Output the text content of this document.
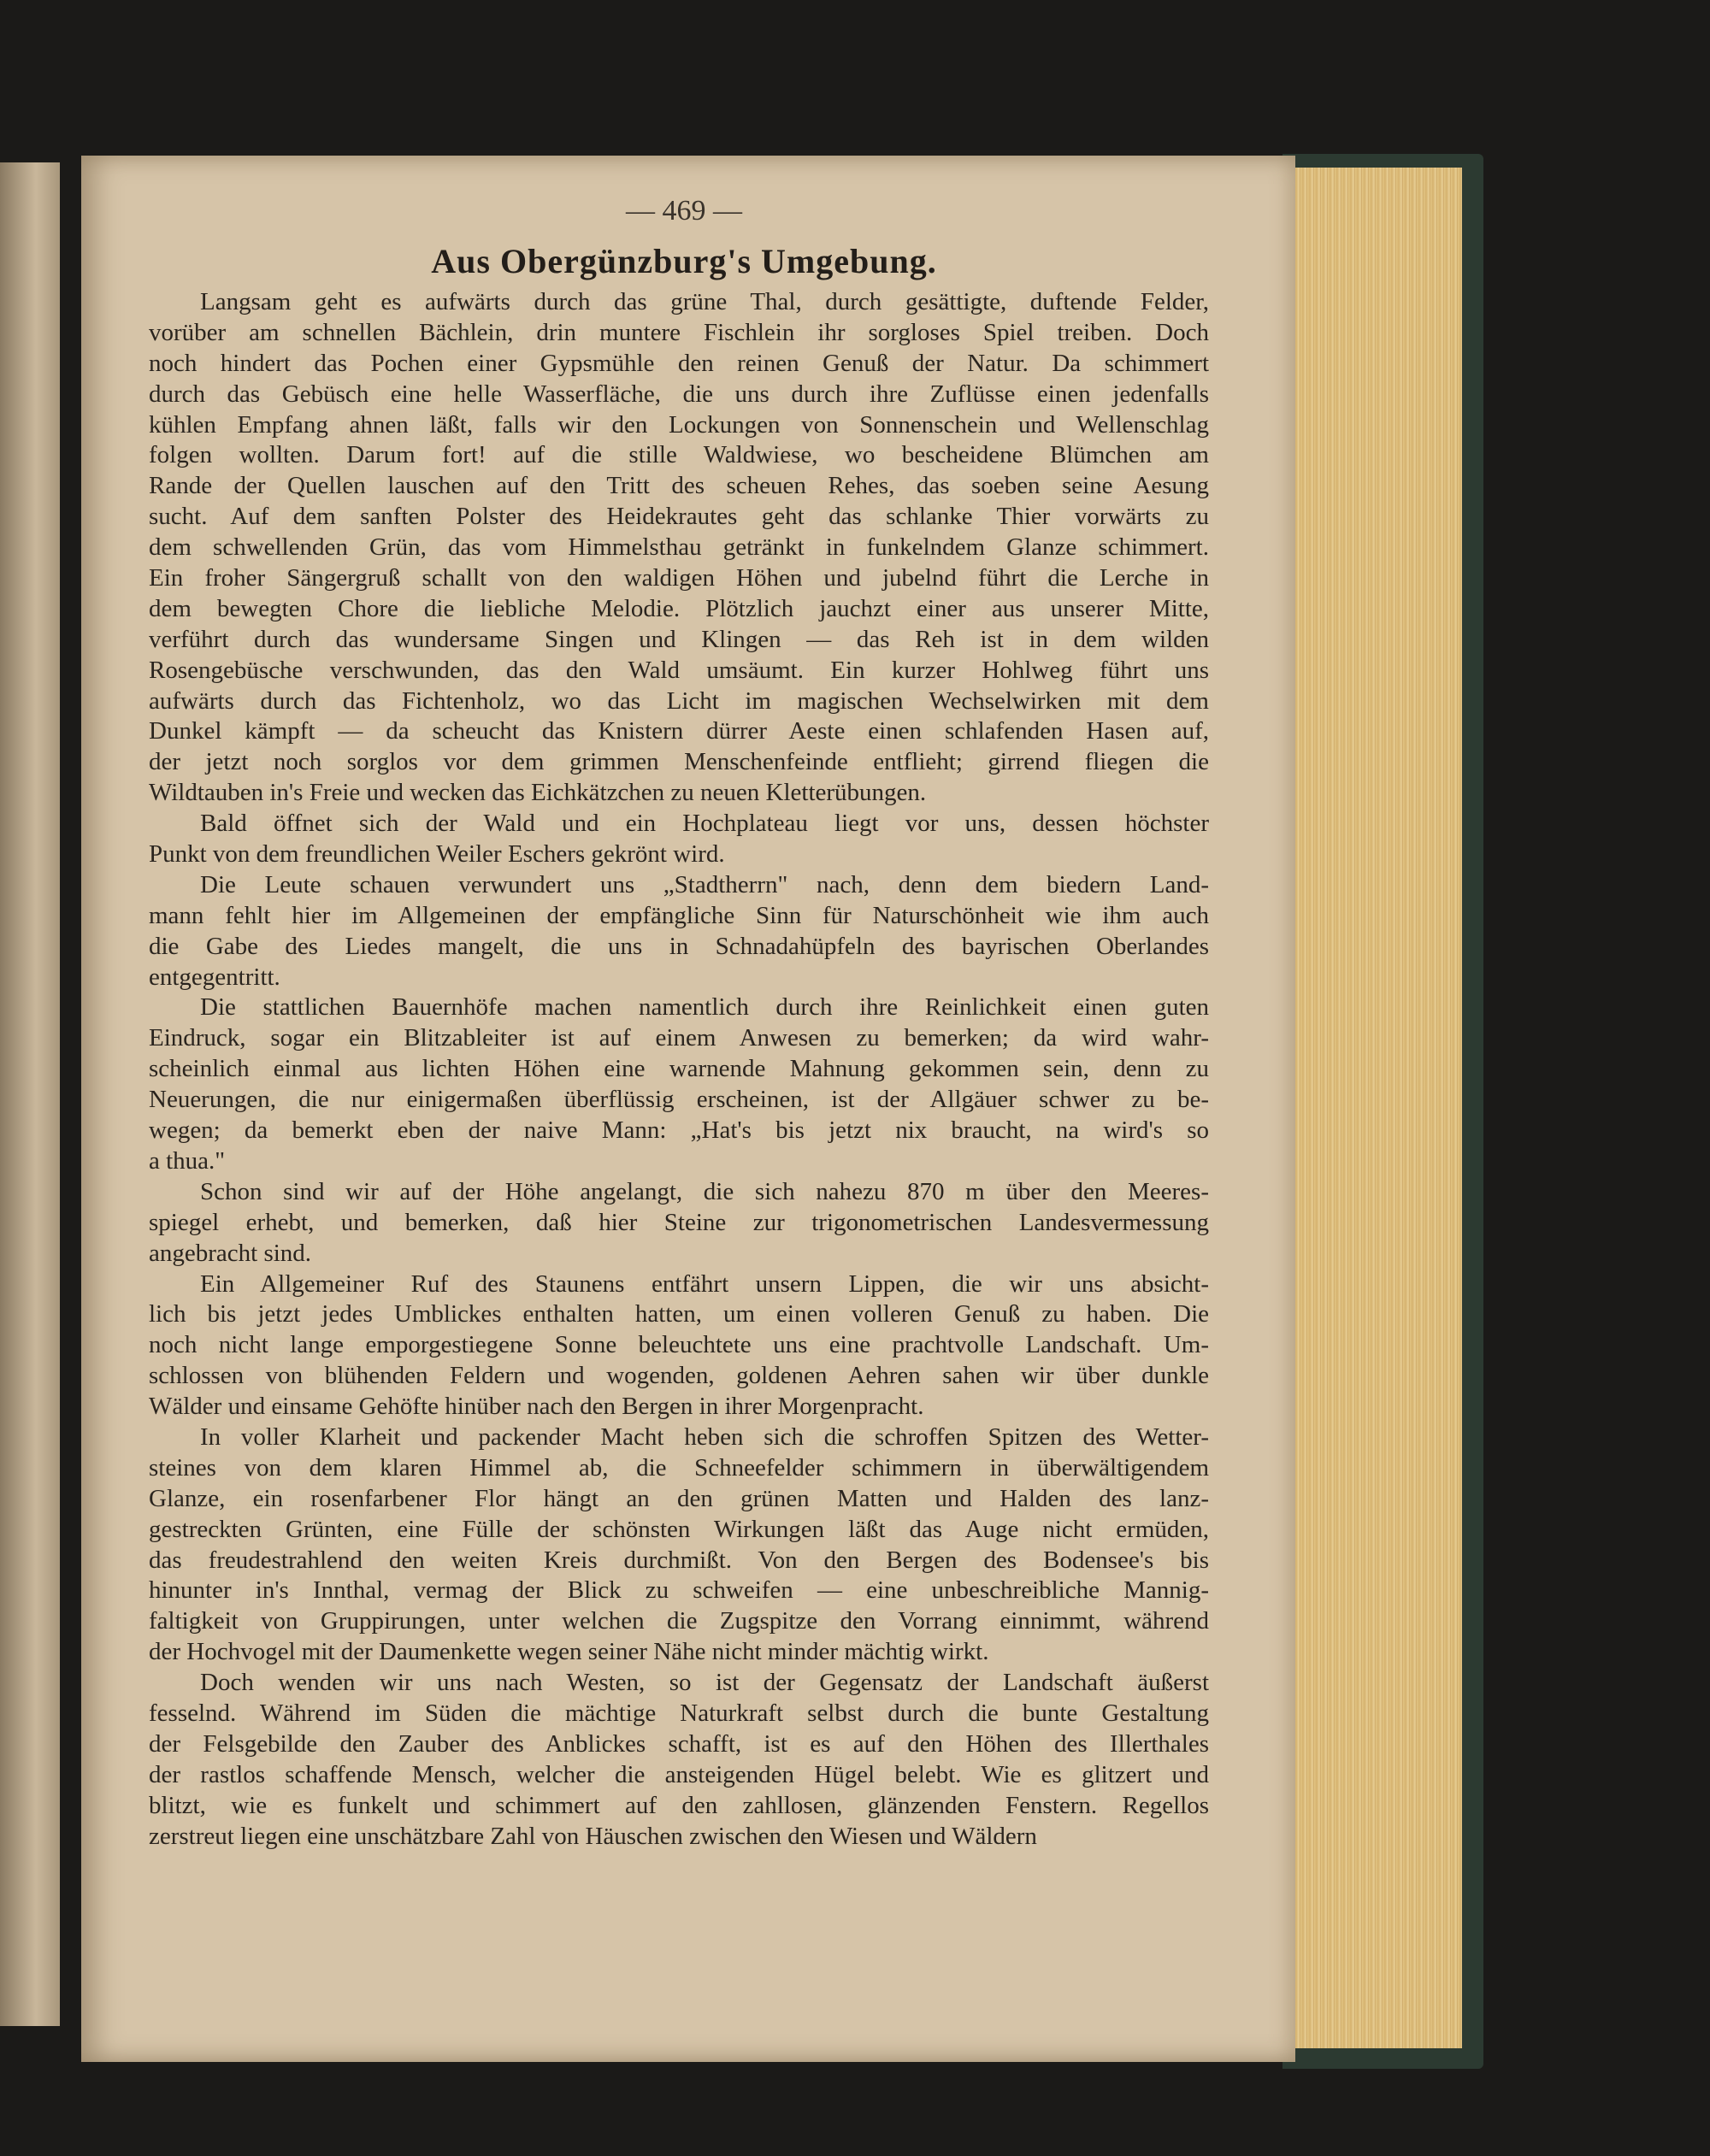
— 469 —
Aus Obergünzburg's Umgebung.
Langsam geht es aufwärts durch das grüne Thal, durch gesättigte, duftende Felder,
vorüber am schnellen Bächlein, drin muntere Fischlein ihr sorgloses Spiel treiben. Doch
noch hindert das Pochen einer Gypsmühle den reinen Genuß der Natur. Da schimmert
durch das Gebüsch eine helle Wasserfläche, die uns durch ihre Zuflüsse einen jedenfalls
kühlen Empfang ahnen läßt, falls wir den Lockungen von Sonnenschein und Wellenschlag
folgen wollten. Darum fort! auf die stille Waldwiese, wo bescheidene Blümchen am
Rande der Quellen lauschen auf den Tritt des scheuen Rehes, das soeben seine Aesung
sucht. Auf dem sanften Polster des Heidekrautes geht das schlanke Thier vorwärts zu
dem schwellenden Grün, das vom Himmelsthau getränkt in funkelndem Glanze schimmert.
Ein froher Sängergruß schallt von den waldigen Höhen und jubelnd führt die Lerche in
dem bewegten Chore die liebliche Melodie. Plötzlich jauchzt einer aus unserer Mitte,
verführt durch das wundersame Singen und Klingen — das Reh ist in dem wilden
Rosengebüsche verschwunden, das den Wald umsäumt. Ein kurzer Hohlweg führt uns
aufwärts durch das Fichtenholz, wo das Licht im magischen Wechselwirken mit dem
Dunkel kämpft — da scheucht das Knistern dürrer Aeste einen schlafenden Hasen auf,
der jetzt noch sorglos vor dem grimmen Menschenfeinde entflieht; girrend fliegen die
Wildtauben in's Freie und wecken das Eichkätzchen zu neuen Kletterübungen.
Bald öffnet sich der Wald und ein Hochplateau liegt vor uns, dessen höchster
Punkt von dem freundlichen Weiler Eschers gekrönt wird.
Die Leute schauen verwundert uns „Stadtherrn" nach, denn dem biedern Land-
mann fehlt hier im Allgemeinen der empfängliche Sinn für Naturschönheit wie ihm auch
die Gabe des Liedes mangelt, die uns in Schnadahüpfeln des bayrischen Oberlandes
entgegentritt.
Die stattlichen Bauernhöfe machen namentlich durch ihre Reinlichkeit einen guten
Eindruck, sogar ein Blitzableiter ist auf einem Anwesen zu bemerken; da wird wahr-
scheinlich einmal aus lichten Höhen eine warnende Mahnung gekommen sein, denn zu
Neuerungen, die nur einigermaßen überflüssig erscheinen, ist der Allgäuer schwer zu be-
wegen; da bemerkt eben der naive Mann: „Hat's bis jetzt nix braucht, na wird's so
a thua."
Schon sind wir auf der Höhe angelangt, die sich nahezu 870 m über den Meeres-
spiegel erhebt, und bemerken, daß hier Steine zur trigonometrischen Landesvermessung
angebracht sind.
Ein Allgemeiner Ruf des Staunens entfährt unsern Lippen, die wir uns absicht-
lich bis jetzt jedes Umblickes enthalten hatten, um einen volleren Genuß zu haben. Die
noch nicht lange emporgestiegene Sonne beleuchtete uns eine prachtvolle Landschaft. Um-
schlossen von blühenden Feldern und wogenden, goldenen Aehren sahen wir über dunkle
Wälder und einsame Gehöfte hinüber nach den Bergen in ihrer Morgenpracht.
In voller Klarheit und packender Macht heben sich die schroffen Spitzen des Wetter-
steines von dem klaren Himmel ab, die Schneefelder schimmern in überwältigendem
Glanze, ein rosenfarbener Flor hängt an den grünen Matten und Halden des lanz-
gestreckten Grünten, eine Fülle der schönsten Wirkungen läßt das Auge nicht ermüden,
das freudestrahlend den weiten Kreis durchmißt. Von den Bergen des Bodensee's bis
hinunter in's Innthal, vermag der Blick zu schweifen — eine unbeschreibliche Mannig-
faltigkeit von Gruppirungen, unter welchen die Zugspitze den Vorrang einnimmt, während
der Hochvogel mit der Daumenkette wegen seiner Nähe nicht minder mächtig wirkt.
Doch wenden wir uns nach Westen, so ist der Gegensatz der Landschaft äußerst
fesselnd. Während im Süden die mächtige Naturkraft selbst durch die bunte Gestaltung
der Felsgebilde den Zauber des Anblickes schafft, ist es auf den Höhen des Illerthales
der rastlos schaffende Mensch, welcher die ansteigenden Hügel belebt. Wie es glitzert und
blitzt, wie es funkelt und schimmert auf den zahllosen, glänzenden Fenstern. Regellos
zerstreut liegen eine unschätzbare Zahl von Häuschen zwischen den Wiesen und Wäldern
